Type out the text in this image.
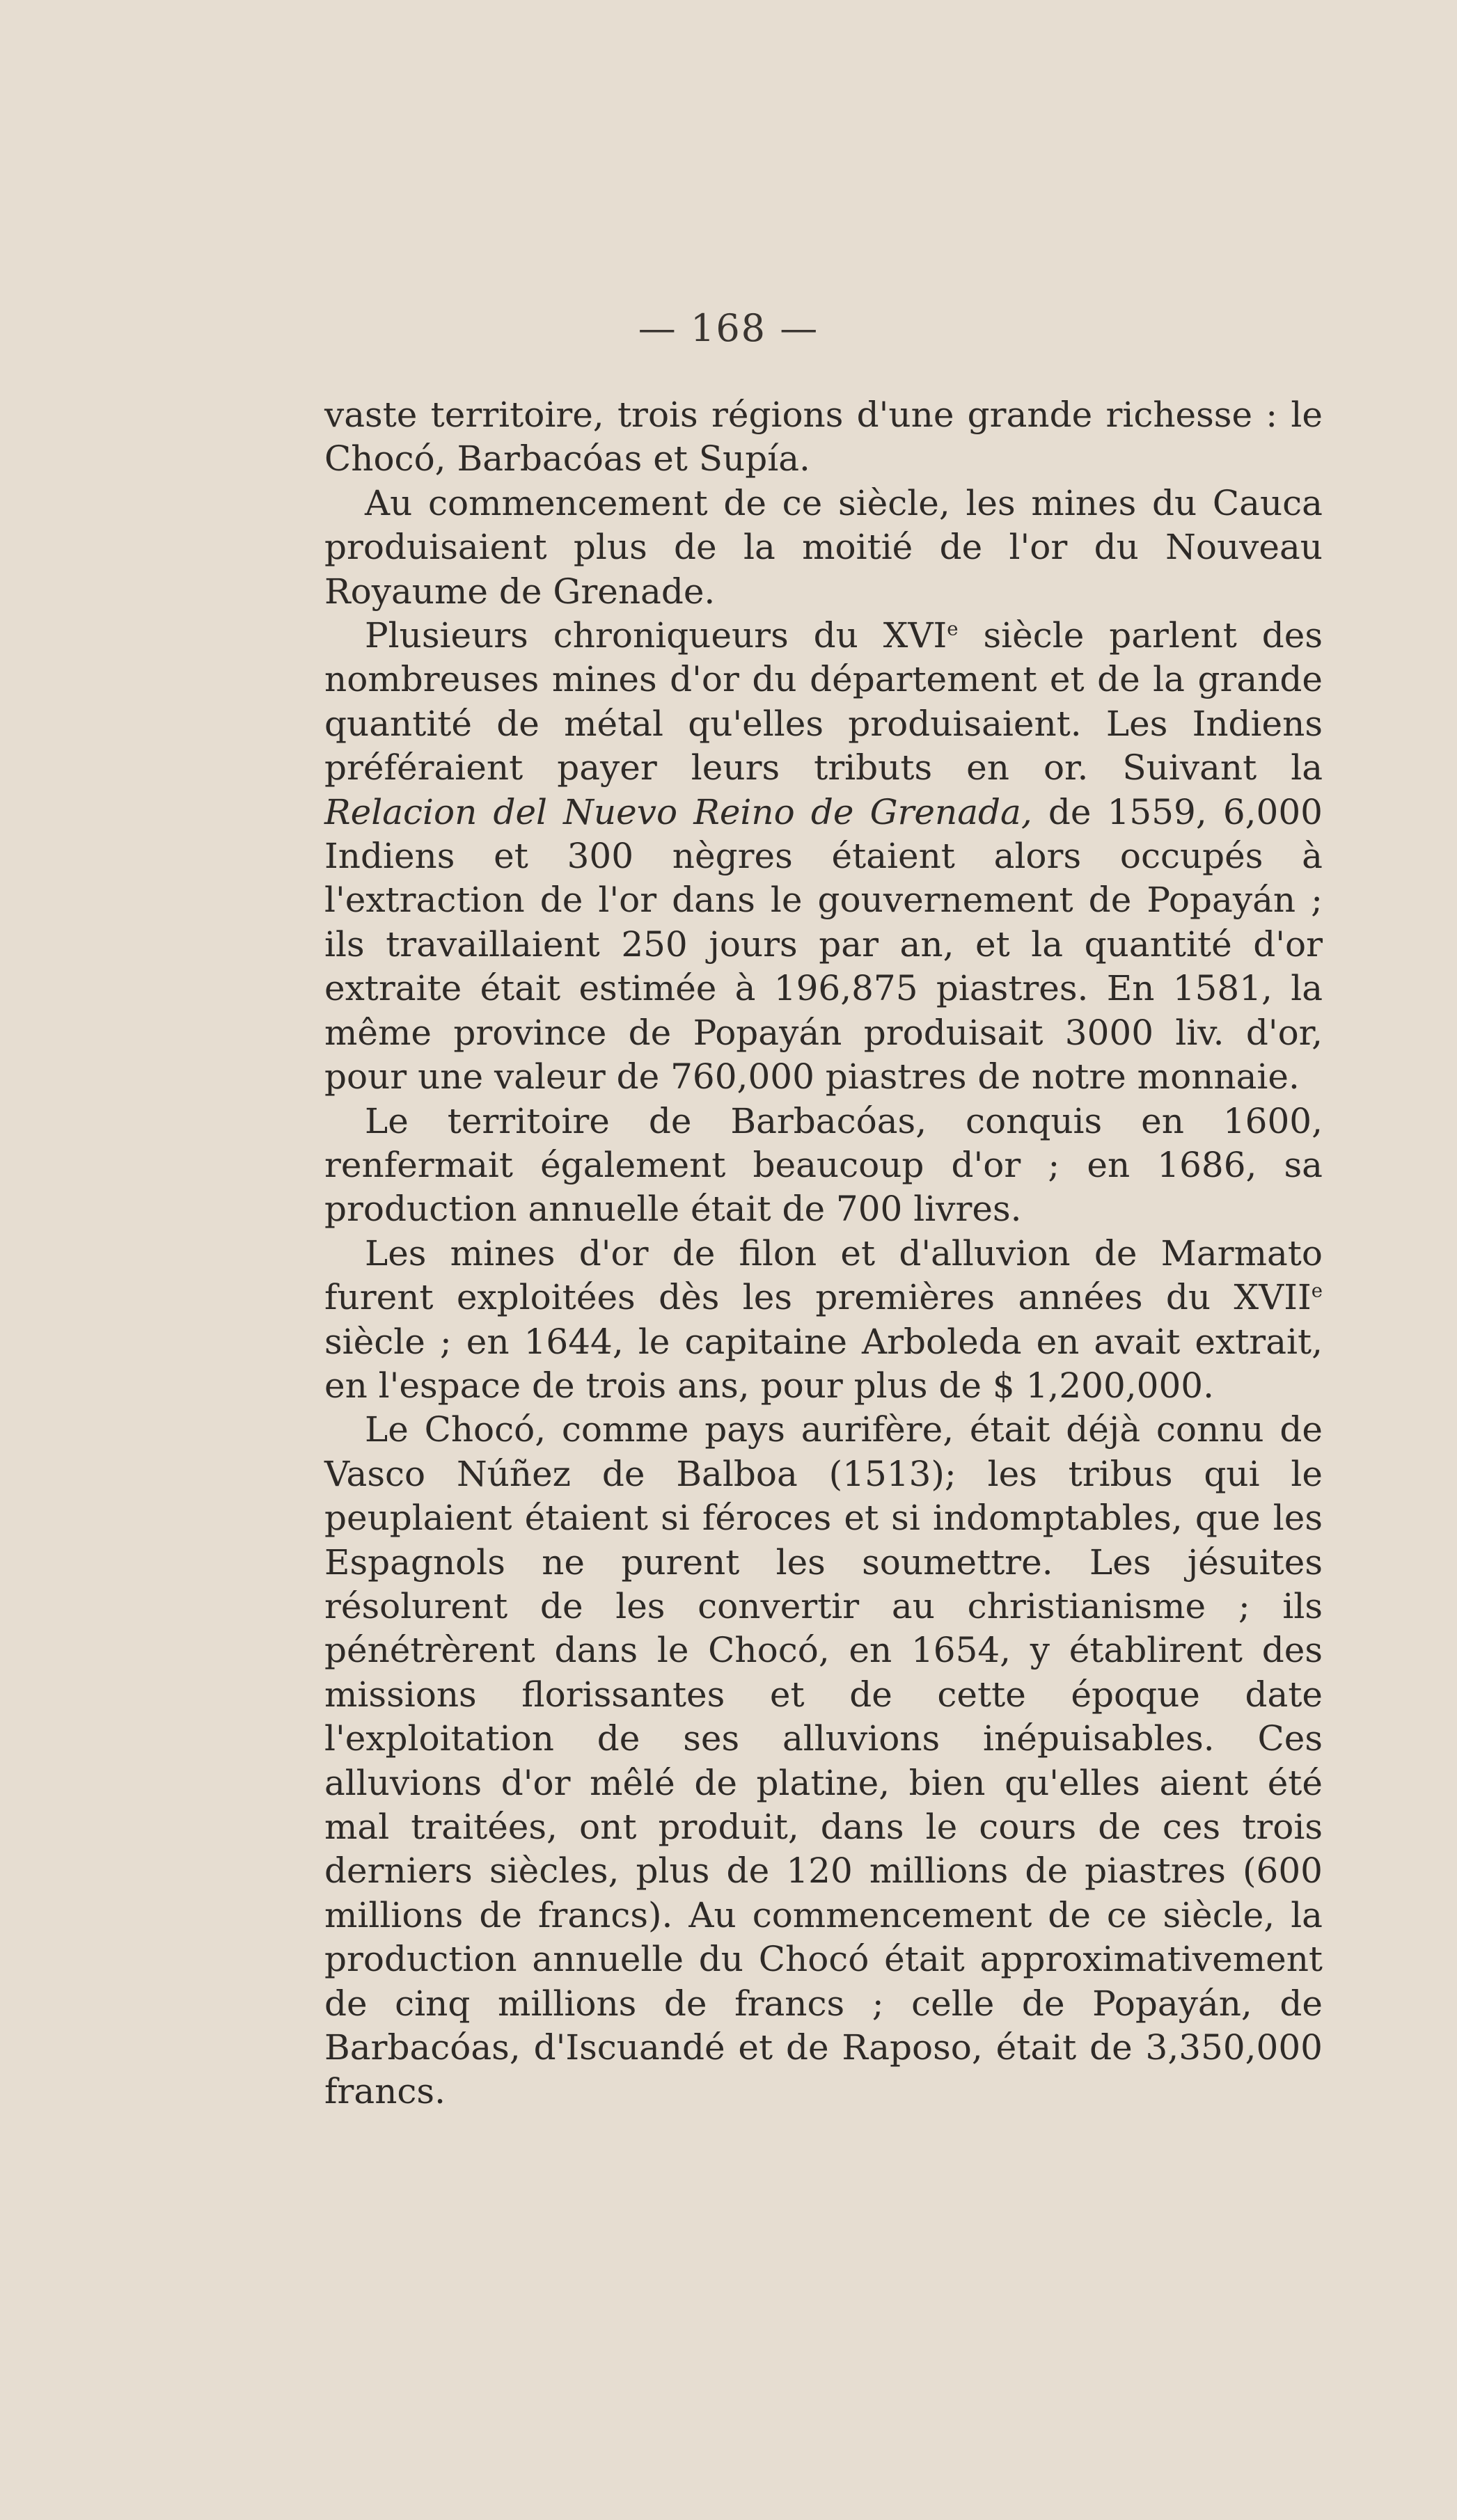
— 168 —

vaste territoire, trois régions d'une grande richesse : le Chocó, Barbacóas et Supía.

Au commencement de ce siècle, les mines du Cauca produisaient plus de la moitié de l'or du Nouveau Royaume de Grenade.

Plusieurs chroniqueurs du XVIe siècle parlent des nombreuses mines d'or du département et de la grande quantité de métal qu'elles produisaient. Les Indiens préféraient payer leurs tributs en or. Suivant la Relacion del Nuevo Reino de Grenada, de 1559, 6,000 Indiens et 300 nègres étaient alors occupés à l'extraction de l'or dans le gouvernement de Popayán ; ils travaillaient 250 jours par an, et la quantité d'or extraite était estimée à 196,875 piastres. En 1581, la même province de Popayán produisait 3000 liv. d'or, pour une valeur de 760,000 piastres de notre monnaie.

Le territoire de Barbacóas, conquis en 1600, renfermait également beaucoup d'or ; en 1686, sa production annuelle était de 700 livres.

Les mines d'or de filon et d'alluvion de Marmato furent exploitées dès les premières années du XVIIe siècle ; en 1644, le capitaine Arboleda en avait extrait, en l'espace de trois ans, pour plus de $ 1,200,000.

Le Chocó, comme pays aurifère, était déjà connu de Vasco Núñez de Balboa (1513); les tribus qui le peuplaient étaient si féroces et si indomptables, que les Espagnols ne purent les soumettre. Les jésuites résolurent de les convertir au christianisme ; ils pénétrèrent dans le Chocó, en 1654, y établirent des missions florissantes et de cette époque date l'exploitation de ses alluvions inépuisables. Ces alluvions d'or mêlé de platine, bien qu'elles aient été mal traitées, ont produit, dans le cours de ces trois derniers siècles, plus de 120 millions de piastres (600 millions de francs). Au commencement de ce siècle, la production annuelle du Chocó était approximativement de cinq millions de francs ; celle de Popayán, de Barbacóas, d'Iscuandé et de Raposo, était de 3,350,000 francs.
